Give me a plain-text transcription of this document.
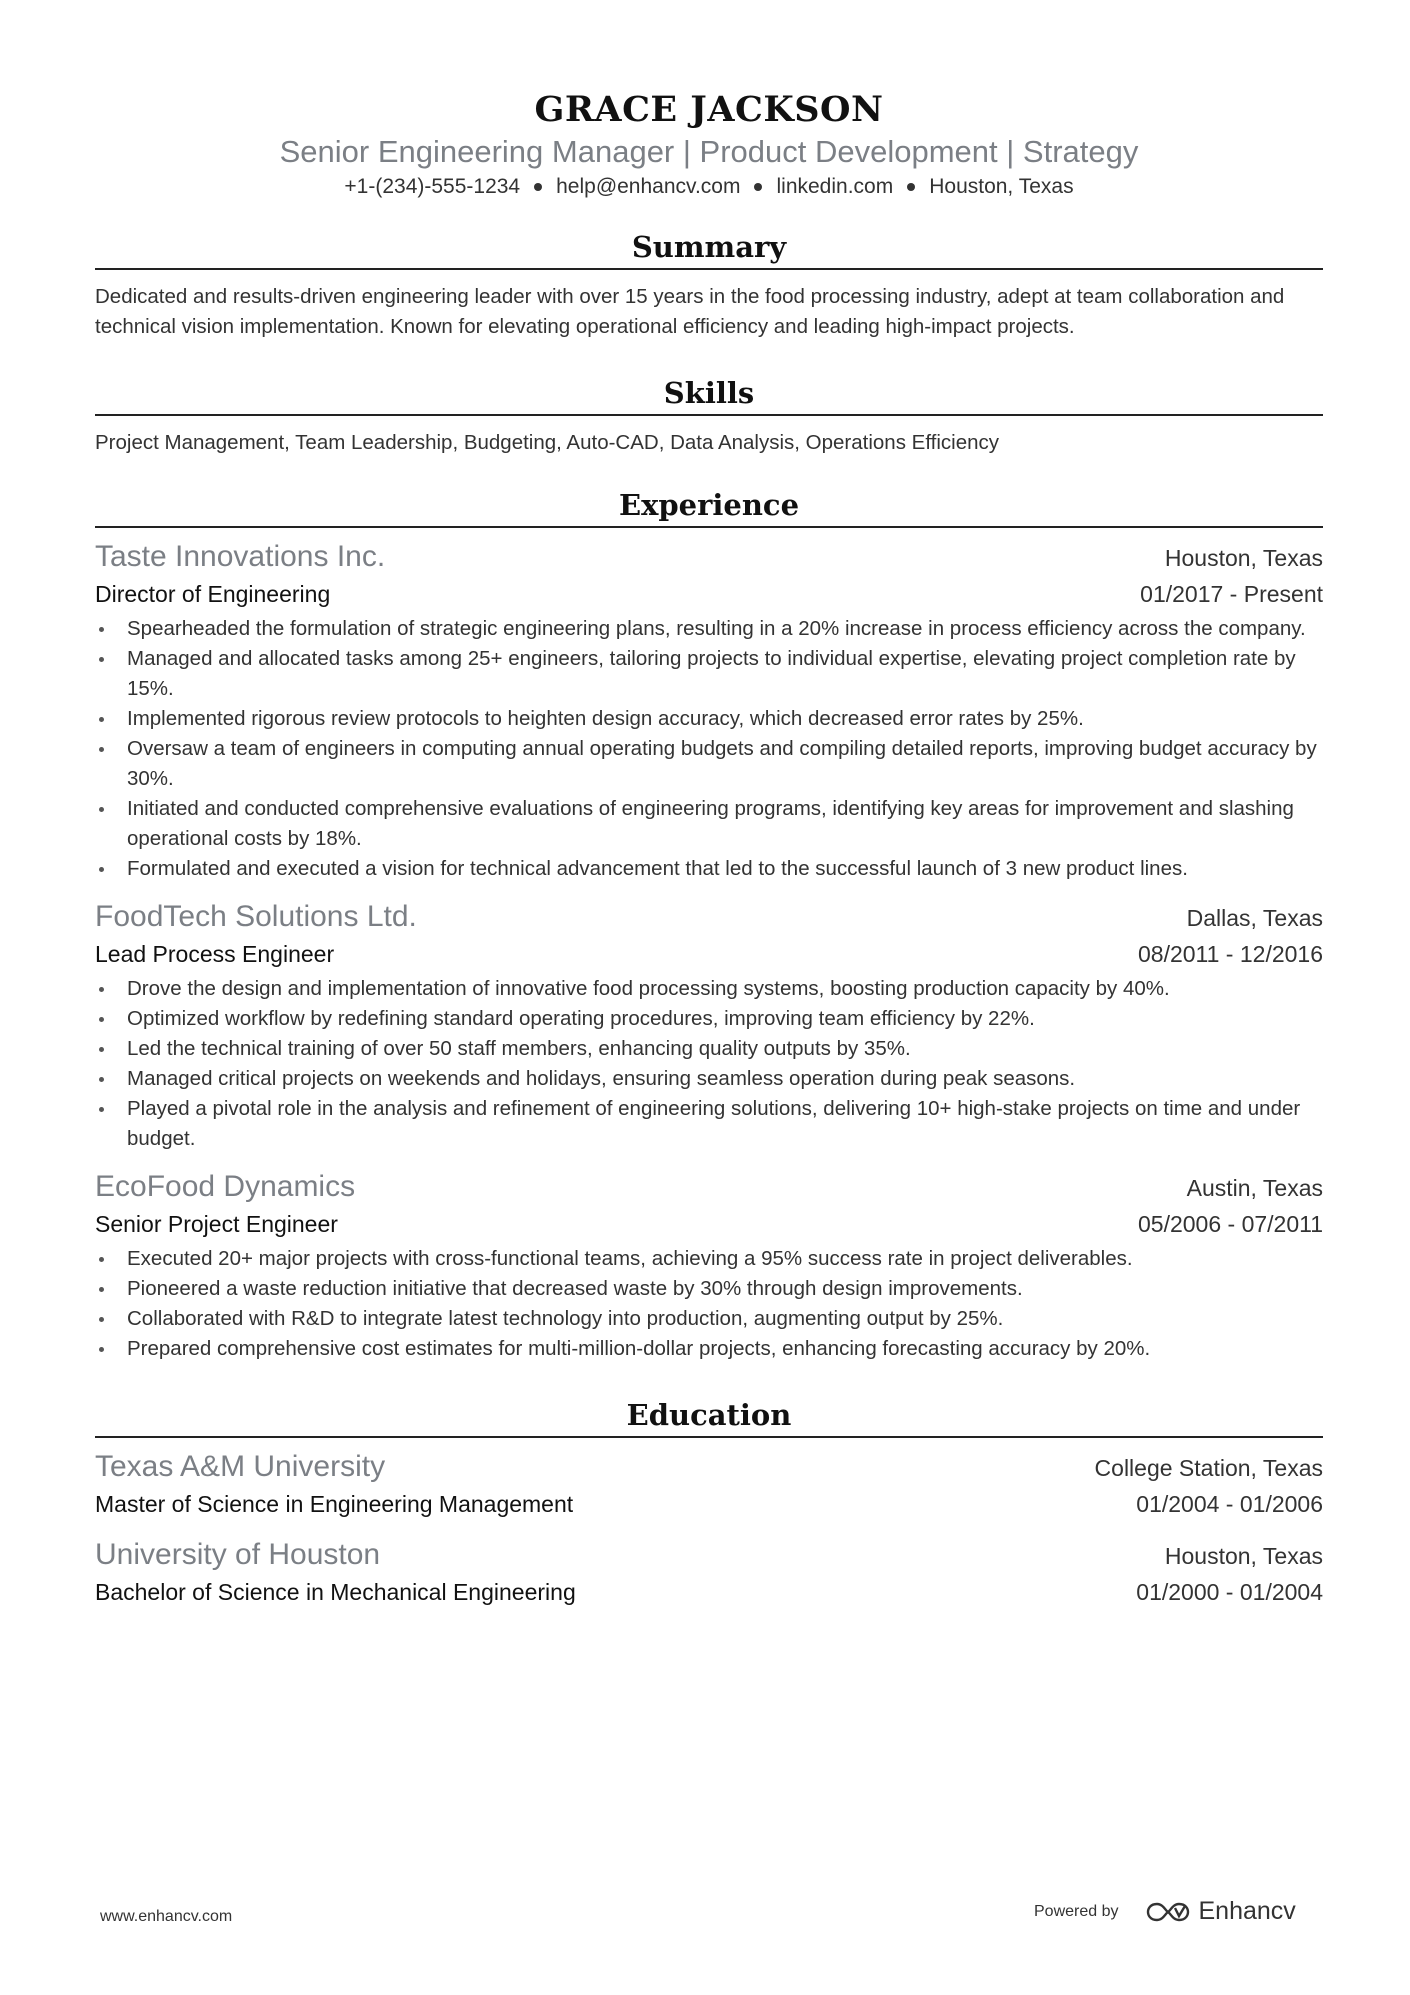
GRACE JACKSON
Senior Engineering Manager | Product Development | Strategy
+1-(234)-555-1234 help@enhancv.com linkedin.com Houston, Texas
Summary
Dedicated and results-driven engineering leader with over 15 years in the food processing industry, adept at team collaboration and technical vision implementation. Known for elevating operational efficiency and leading high-impact projects.
Skills
Project Management, Team Leadership, Budgeting, Auto-CAD, Data Analysis, Operations Efficiency
Experience
Taste Innovations Inc.	Houston, Texas
Director of Engineering	01/2017 - Present
Spearheaded the formulation of strategic engineering plans, resulting in a 20% increase in process efficiency across the company.
Managed and allocated tasks among 25+ engineers, tailoring projects to individual expertise, elevating project completion rate by 15%.
Implemented rigorous review protocols to heighten design accuracy, which decreased error rates by 25%.
Oversaw a team of engineers in computing annual operating budgets and compiling detailed reports, improving budget accuracy by 30%.
Initiated and conducted comprehensive evaluations of engineering programs, identifying key areas for improvement and slashing operational costs by 18%.
Formulated and executed a vision for technical advancement that led to the successful launch of 3 new product lines.
FoodTech Solutions Ltd.	Dallas, Texas
Lead Process Engineer	08/2011 - 12/2016
Drove the design and implementation of innovative food processing systems, boosting production capacity by 40%.
Optimized workflow by redefining standard operating procedures, improving team efficiency by 22%.
Led the technical training of over 50 staff members, enhancing quality outputs by 35%.
Managed critical projects on weekends and holidays, ensuring seamless operation during peak seasons.
Played a pivotal role in the analysis and refinement of engineering solutions, delivering 10+ high-stake projects on time and under budget.
EcoFood Dynamics	Austin, Texas
Senior Project Engineer	05/2006 - 07/2011
Executed 20+ major projects with cross-functional teams, achieving a 95% success rate in project deliverables.
Pioneered a waste reduction initiative that decreased waste by 30% through design improvements.
Collaborated with R&D to integrate latest technology into production, augmenting output by 25%.
Prepared comprehensive cost estimates for multi-million-dollar projects, enhancing forecasting accuracy by 20%.
Education
Texas A&M University	College Station, Texas
Master of Science in Engineering Management	01/2004 - 01/2006
University of Houston	Houston, Texas
Bachelor of Science in Mechanical Engineering	01/2000 - 01/2004
www.enhancv.com	Powered by	Enhancv
